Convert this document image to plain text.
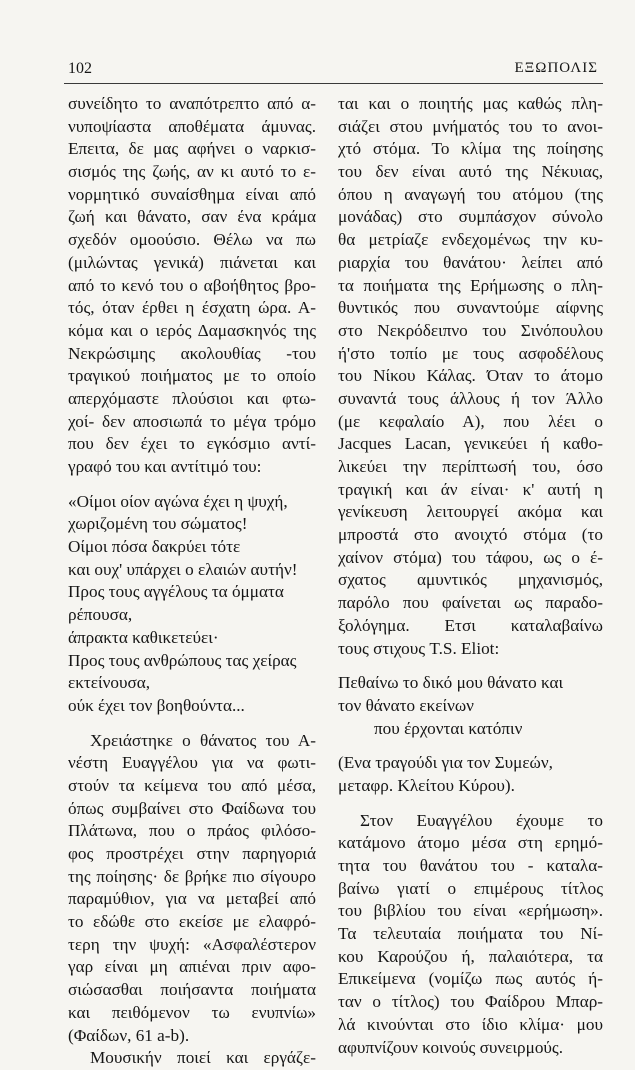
102	ΕΞΩΠΟΛΙΣ
συνείδητο το αναπότρεπτο από α-
νυποψίαστα αποθέματα άμυνας.
Επειτα, δε μας αφήνει ο ναρκισ-
σισμός της ζωής, αν κι αυτό το ε-
νορμητικό συναίσθημα είναι από
ζωή και θάνατο, σαν ένα κράμα
σχεδόν ομοούσιο. Θέλω να πω
(μιλώντας γενικά) πιάνεται και
από το κενό του ο αβοήθητος βρο-
τός, όταν έρθει η έσχατη ώρα. Α-
κόμα και ο ιερός Δαμασκηνός της
Νεκρώσιμης ακολουθίας -του
τραγικού ποιήματος με το οποίο
απερχόμαστε πλούσιοι και φτω-
χοί- δεν αποσιωπά το μέγα τρόμο
που δεν έχει το εγκόσμιο αντί-
γραφό του και αντίτιμό του:
«Οίμοι οίον αγώνα έχει η ψυχή,
χωριζομένη του σώματος!
Οίμοι πόσα δακρύει τότε
και ουχ' υπάρχει ο ελαιών αυτήν!
Προς τους αγγέλους τα όμματα
ρέπουσα,
άπρακτα καθικετεύει·
Προς τους ανθρώπους τας χείρας
εκτείνουσα,
ούκ έχει τον βοηθούντα...
Χρειάστηκε ο θάνατος του Α-
νέστη Ευαγγέλου για να φωτι-
στούν τα κείμενα του από μέσα,
όπως συμβαίνει στο Φαίδωνα του
Πλάτωνα, που ο πράος φιλόσο-
φος προστρέχει στην παρηγοριά
της ποίησης· δε βρήκε πιο σίγουρο
παραμύθιον, για να μεταβεί από
το εδώθε στο εκείσε με ελαφρό-
τερη την ψυχή: «Ασφαλέστερον
γαρ είναι μη απιέναι πριν αφο-
σιώσασθαι ποιήσαντα ποιήματα
και πειθόμενον τω ενυπνίω»
(Φαίδων, 61 a-b).
Μουσικήν ποιεί και εργάζε-
ται και ο ποιητής μας καθώς πλη-
σιάζει στου μνήματός του το ανοι-
χτό στόμα. Το κλίμα της ποίησης
του δεν είναι αυτό της Νέκυιας,
όπου η αναγωγή του ατόμου (της
μονάδας) στο συμπάσχον σύνολο
θα μετρίαζε ενδεχομένως την κυ-
ριαρχία του θανάτου· λείπει από
τα ποιήματα της Ερήμωσης ο πλη-
θυντικός που συναντούμε αίφνης
στο Νεκρόδειπνο του Σινόπουλου
ή'στο τοπίο με τους ασφοδέλους
του Νίκου Κάλας. Όταν το άτομο
συναντά τους άλλους ή τον Άλλο
(με κεφαλαίο Α), που λέει ο
Jacques Lacan, γενικεύει ή καθο-
λικεύει την περίπτωσή του, όσο
τραγική και άν είναι· κ' αυτή η
γενίκευση λειτουργεί ακόμα και
μπροστά στο ανοιχτό στόμα (το
χαίνον στόμα) του τάφου, ως ο έ-
σχατος αμυντικός μηχανισμός,
παρόλο που φαίνεται ως παραδο-
ξολόγημα. Ετσι καταλαβαίνω
τους στιχους T.S. Eliot:
Πεθαίνω το δικό μου θάνατο και
τον θάνατο εκείνων
που έρχονται κατόπιν
(Ενα τραγούδι για τον Συμεών,
μεταφρ. Κλείτου Κύρου).
Στον Ευαγγέλου έχουμε το
κατάμονο άτομο μέσα στη ερημό-
τητα του θανάτου του - καταλα-
βαίνω γιατί ο επιμέρους τίτλος
του βιβλίου του είναι «ερήμωση».
Τα τελευταία ποιήματα του Νί-
κου Καρούζου ή, παλαιότερα, τα
Επικείμενα (νομίζω πως αυτός ή-
ταν ο τίτλος) του Φαίδρου Μπαρ-
λά κινούνται στο ίδιο κλίμα· μου
αφυπνίζουν κοινούς συνειρμούς.
